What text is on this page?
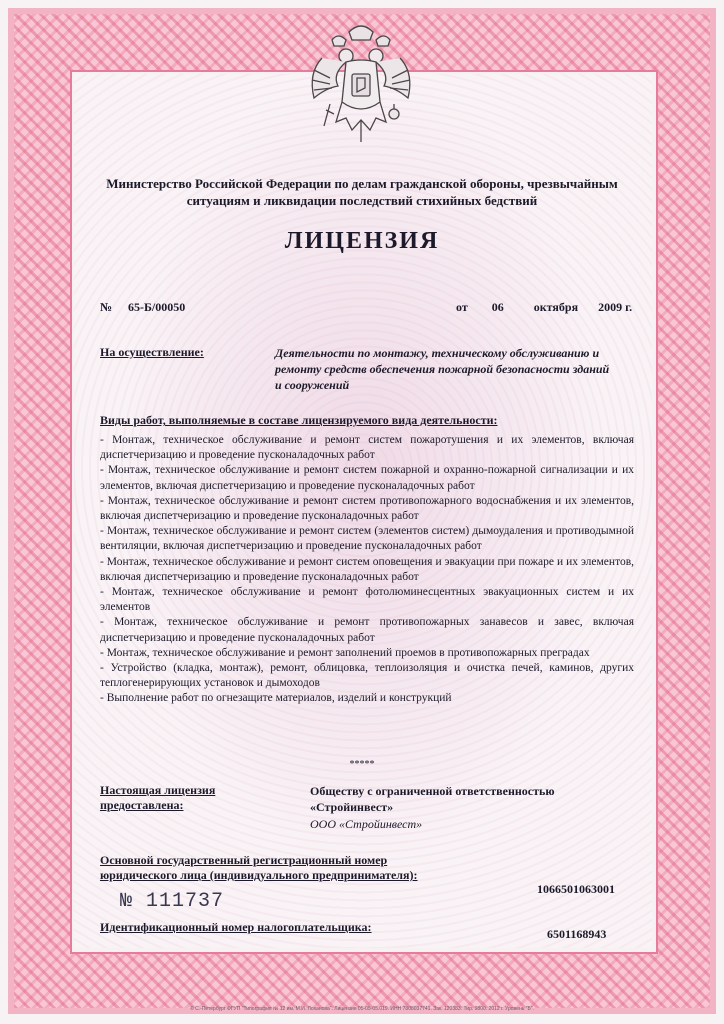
Министерство Российской Федерации по делам гражданской обороны, чрезвычайным ситуациям и ликвидации последствий стихийных бедствий
ЛИЦЕНЗИЯ
№ 65-Б/00050	от 06	октября 2009 г.
На осуществление:	Деятельности по монтажу, техническому обслуживанию и ремонту средств обеспечения пожарной безопасности зданий и сооружений
Виды работ, выполняемые в составе лицензируемого вида деятельности:
- Монтаж, техническое обслуживание и ремонт систем пожаротушения и их элементов, включая диспетчеризацию и проведение пусконаладочных работ
- Монтаж, техническое обслуживание и ремонт систем пожарной и охранно-пожарной сигнализации и их элементов, включая диспетчеризацию и проведение пусконаладочных работ
- Монтаж, техническое обслуживание и ремонт систем противопожарного водоснабжения и их элементов, включая диспетчеризацию и проведение пусконаладочных работ
- Монтаж, техническое обслуживание и ремонт систем (элементов систем) дымоудаления и противодымной вентиляции, включая диспетчеризацию и проведение пусконаладочных работ
- Монтаж, техническое обслуживание и ремонт систем оповещения и эвакуации при пожаре и их элементов, включая диспетчеризацию и проведение пусконаладочных работ
- Монтаж, техническое обслуживание и ремонт фотолюминесцентных эвакуационных систем и их элементов
- Монтаж, техническое обслуживание и ремонт противопожарных занавесов и завес, включая диспетчеризацию и проведение пусконаладочных работ
- Монтаж, техническое обслуживание и ремонт заполнений проемов в противопожарных преградах
- Устройство (кладка, монтаж), ремонт, облицовка, теплоизоляция и очистка печей, каминов, других теплогенерирующих установок и дымоходов
- Выполнение работ по огнезащите материалов, изделий и конструкций
*****
Настоящая лицензия предоставлена:
Обществу с ограниченной ответственностью
«Стройинвест»
ООО «Стройинвест»
Основной государственный регистрационный номер юридического лица (индивидуального предпринимателя):
1066501063001
№ 111737
Идентификационный номер налогоплательщика:	6501168943
© С.-Петербург ФГУП "Типография № 12 им. М.И. Лоханова". Лицензия 05-05-05.019. ИНН 7808037741. Зак. 120383. Тир. 9800. 2012 г. Уровень "Б".
